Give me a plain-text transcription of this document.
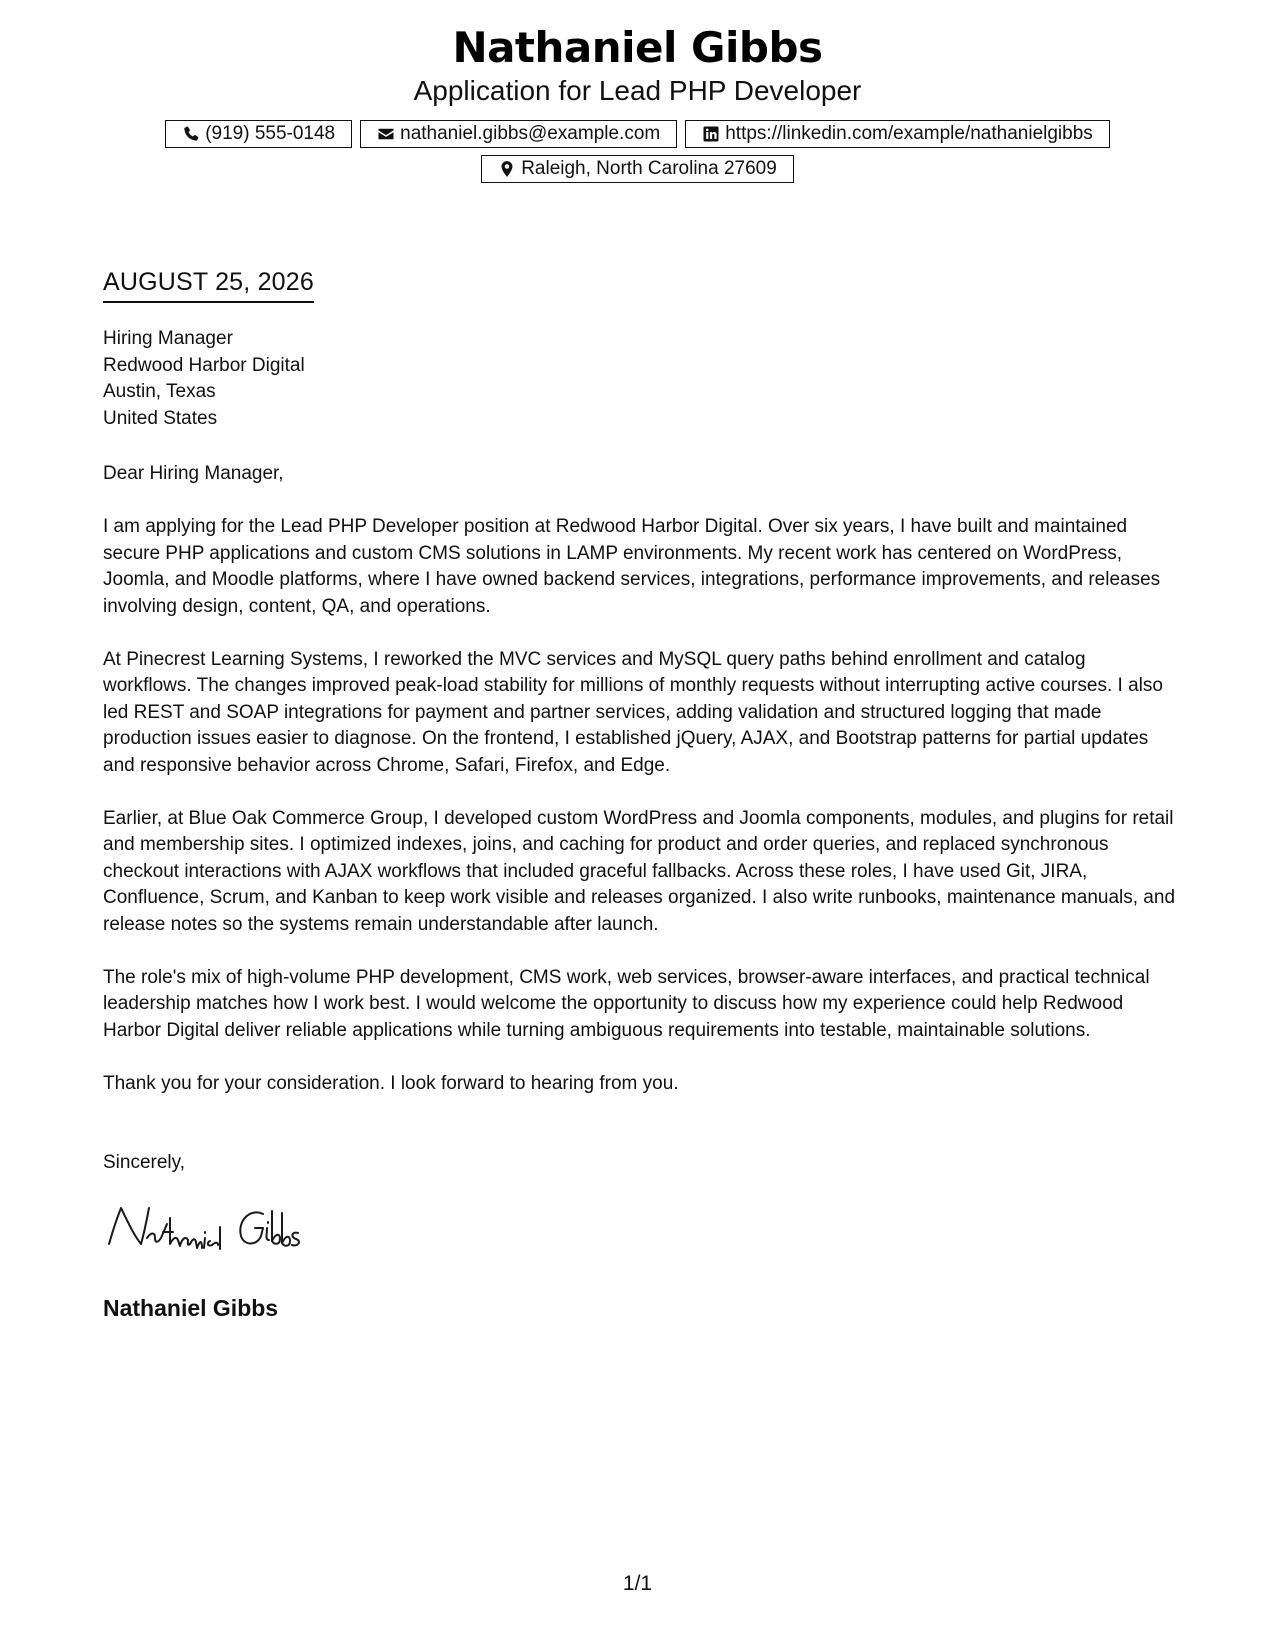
Nathaniel Gibbs
Application for Lead PHP Developer
(919) 555-0148	nathaniel.gibbs@example.com	https://linkedin.com/example/nathanielgibbs
Raleigh, North Carolina 27609
AUGUST 25, 2026
Hiring Manager
Redwood Harbor Digital
Austin, Texas
United States

Dear Hiring Manager,

I am applying for the Lead PHP Developer position at Redwood Harbor Digital. Over six years, I have built and maintained secure PHP applications and custom CMS solutions in LAMP environments. My recent work has centered on WordPress, Joomla, and Moodle platforms, where I have owned backend services, integrations, performance improvements, and releases involving design, content, QA, and operations.

At Pinecrest Learning Systems, I reworked the MVC services and MySQL query paths behind enrollment and catalog workflows. The changes improved peak-load stability for millions of monthly requests without interrupting active courses. I also led REST and SOAP integrations for payment and partner services, adding validation and structured logging that made production issues easier to diagnose. On the frontend, I established jQuery, AJAX, and Bootstrap patterns for partial updates and responsive behavior across Chrome, Safari, Firefox, and Edge.

Earlier, at Blue Oak Commerce Group, I developed custom WordPress and Joomla components, modules, and plugins for retail and membership sites. I optimized indexes, joins, and caching for product and order queries, and replaced synchronous checkout interactions with AJAX workflows that included graceful fallbacks. Across these roles, I have used Git, JIRA, Confluence, Scrum, and Kanban to keep work visible and releases organized. I also write runbooks, maintenance manuals, and release notes so the systems remain understandable after launch.

The role's mix of high-volume PHP development, CMS work, web services, browser-aware interfaces, and practical technical leadership matches how I work best. I would welcome the opportunity to discuss how my experience could help Redwood Harbor Digital deliver reliable applications while turning ambiguous requirements into testable, maintainable solutions.

Thank you for your consideration. I look forward to hearing from you.

Sincerely,
Nathaniel Gibbs
1/1
